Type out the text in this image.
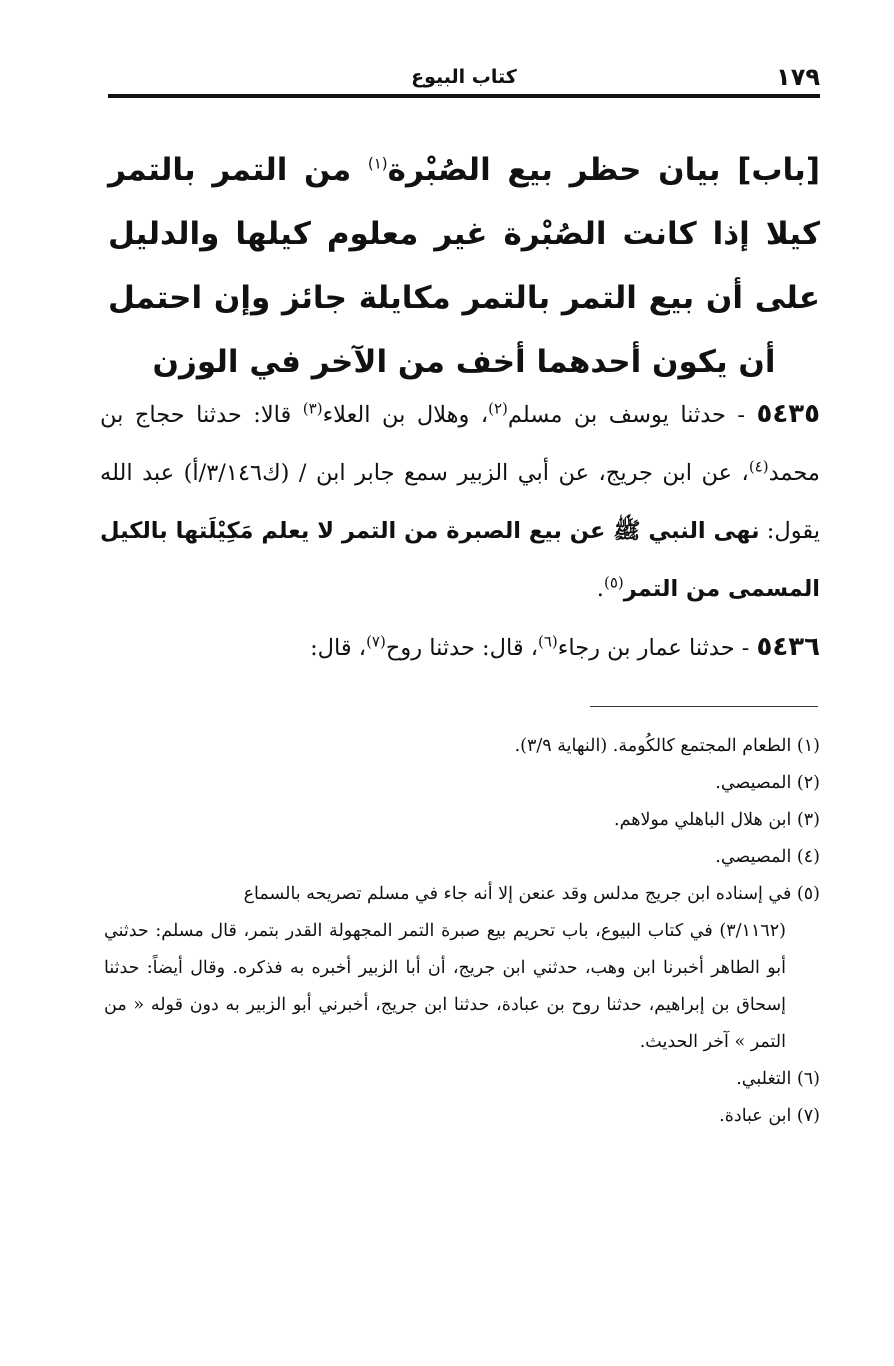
١٧٩
كتاب البيوع
[باب] بيان حظر بيع الصُبْرة$^{(١)}$ من التمر بالتمر كيلا إذا كانت الصُبْرة غير معلوم كيلها والدليل على أن بيع التمر بالتمر مكايلة جائز وإن احتمل أن يكون أحدهما أخف من الآخر في الوزن

٥٤٣٥ - حدثنا يوسف بن مسلم$^{(٢)}$، وهلال بن العلاء$^{(٣)}$ قالا: حدثنا حجاج بن محمد$^{(٤)}$، عن ابن جريج، عن أبي الزبير سمع جابر ابن / (ك٣/١٤٦/أ) عبد الله يقول: نهى النبي ﷺ عن بيع الصبرة من التمر لا يعلم مَكِيْلَتها بالكيل المسمى من التمر$^{(٥)}$.

٥٤٣٦ - حدثنا عمار بن رجاء$^{(٦)}$، قال: حدثنا روح$^{(٧)}$، قال:

(١) الطعام المجتمع كالكُومة. (النهاية ٣/٩).

(٢) المصيصي.

(٣) ابن هلال الباهلي مولاهم.

(٤) المصيصي.

(٥) في إسناده ابن جريج مدلس وقد عنعن إلا أنه جاء في مسلم تصريحه بالسماع

(٣/١١٦٢) في كتاب البيوع، باب تحريم بيع صبرة التمر المجهولة القدر بتمر، قال مسلم: حدثني أبو الطاهر أخبرنا ابن وهب، حدثني ابن جريج، أن أبا الزبير أخبره به فذكره. وقال أيضاً: حدثنا إسحاق بن إبراهيم، حدثنا روح بن عبادة، حدثنا ابن جريج، أخبرني أبو الزبير به دون قوله « من التمر » آخر الحديث.

(٦) التغلبي.

(٧) ابن عبادة.
